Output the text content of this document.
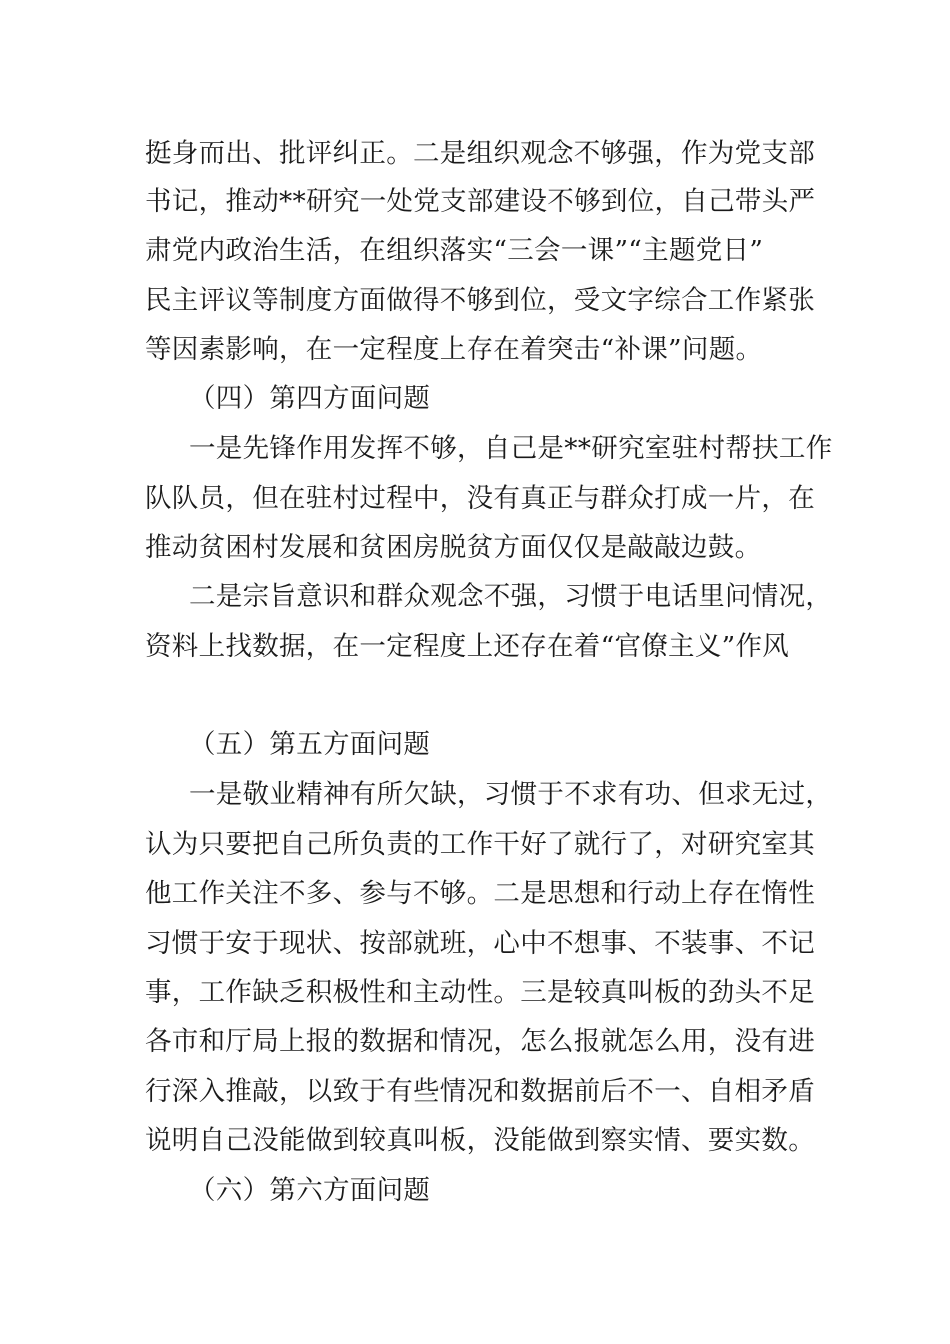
挺身而出、批评纠正。二是组织观念不够强，作为党支部
书记，推动**研究一处党支部建设不够到位，自己带头严
肃党内政治生活，在组织落实“三会一课”“主题党日”
民主评议等制度方面做得不够到位，受文字综合工作紧张
等因素影响，在一定程度上存在着突击“补课”问题。
（四）第四方面问题
一是先锋作用发挥不够，自己是**研究室驻村帮扶工作
队队员，但在驻村过程中，没有真正与群众打成一片，在
推动贫困村发展和贫困房脱贫方面仅仅是敲敲边鼓。
二是宗旨意识和群众观念不强，习惯于电话里问情况，
资料上找数据，在一定程度上还存在着“官僚主义”作风
（五）第五方面问题
一是敬业精神有所欠缺，习惯于不求有功、但求无过，
认为只要把自己所负责的工作干好了就行了，对研究室其
他工作关注不多、参与不够。二是思想和行动上存在惰性
习惯于安于现状、按部就班，心中不想事、不装事、不记
事，工作缺乏积极性和主动性。三是较真叫板的劲头不足
各市和厅局上报的数据和情况，怎么报就怎么用，没有进
行深入推敲，以致于有些情况和数据前后不一、自相矛盾
说明自己没能做到较真叫板，没能做到察实情、要实数。
（六）第六方面问题
